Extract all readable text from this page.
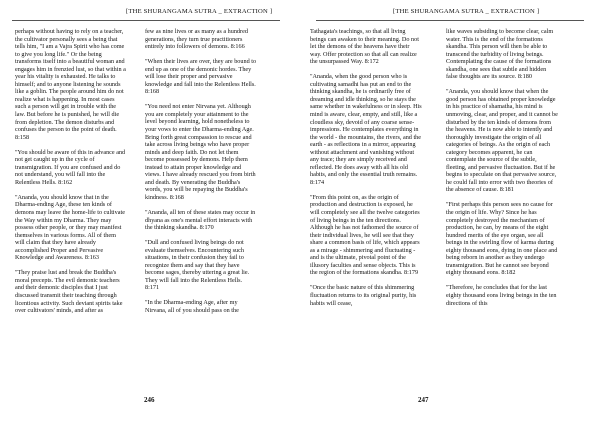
[THE SHURANGAMA SUTRA _ EXTRACTION ]

perhaps without having to rely on a teacher, the cultivator personally sees a being that tells him, "I am a Vajra Spirit who has come to give you long life." Or the being transforms itself into a beautiful woman and engages him in frenzied lust, so that within a year his vitality is exhausted. He talks to himself; and to anyone listening he sounds like a goblin. The people around him do not realize what is happening. In most cases such a person will get in trouble with the law. But before he is punished, he will die from depletion. The demon disturbs and confuses the person to the point of death. 8:158

"You should be aware of this in advance and not get caught up in the cycle of transmigration. If you are confused and do not understand, you will fall into the Relentless Hells. 8:162

"Ananda, you should know that in the Dharma-ending Age, these ten kinds of demons may leave the home-life to cultivate the Way within my Dharma. They may possess other people, or they may manifest themselves in various forms. All of them will claim that they have already accomplished Proper and Pervasive Knowledge and Awareness. 8:163

"They praise lust and break the Buddha's moral precepts. The evil demonic teachers and their demonic disciples that I just discussed transmit their teaching through licentious activity. Such deviant spirits take over cultivators' minds, and after as

few as nine lives or as many as a hundred generations, they turn true practitioners entirely into followers of demons. 8:166

"When their lives are over, they are bound to end up as one of the demonic hordes. They will lose their proper and pervasive knowledge and fall into the Relentless Hells. 8:168

"You need not enter Nirvana yet. Although you are completely your attainment to the level beyond learning, hold nonetheless to your vows to enter the Dharma-ending Age. Bring forth great compassion to rescue and take across living beings who have proper minds and deep faith. Do not let them become possessed by demons. Help them instead to attain proper knowledge and views. I have already rescued you from birth and death. By venerating the Buddha's words, you will be repaying the Buddha's kindness. 8:168

"Ananda, all ten of these states may occur in dhyana as one's mental effort interacts with the thinking skandha. 8:170

"Dull and confused living beings do not evaluate themselves. Encountering such situations, in their confusion they fail to recognize them and say that they have become sages, thereby uttering a great lie. They will fall into the Relentless Hells. 8:171

"In the Dharma-ending Age, after my Nirvana, all of you should pass on the

246
[THE SHURANGAMA SUTRA _ EXTRACTION ]

Tathagata's teachings, so that all living beings can awaken to their meaning. Do not let the demons of the heavens have their way. Offer protection so that all can realize the unsurpassed Way. 8:172

"Ananda, when the good person who is cultivating samadhi has put an end to the thinking skandha, he is ordinarily free of dreaming and idle thinking, so he stays the same whether in wakefulness or in sleep. His mind is aware, clear, empty, and still, like a cloudless sky, devoid of any coarse sense-impressions. He contemplates everything in the world - the mountains, the rivers, and the earth - as reflections in a mirror, appearing without attachment and vanishing without any trace; they are simply received and reflected. He does away with all his old habits, and only the essential truth remains. 8:174

"From this point on, as the origin of production and destruction is exposed, he will completely see all the twelve categories of living beings in the ten directions. Although he has not fathomed the source of their individual lives, he will see that they share a common basis of life, which appears as a mirage - shimmering and fluctuating - and is the ultimate, pivotal point of the illusory faculties and sense objects. This is the region of the formations skandha. 8:179

"Once the basic nature of this shimmering fluctuation returns to its original purity, his habits will cease,

like waves subsiding to become clear, calm water. This is the end of the formations skandha. This person will then be able to transcend the turbidity of living beings. Contemplating the cause of the formations skandha, one sees that subtle and hidden false thoughts are its source. 8:180

"Ananda, you should know that when the good person has obtained proper knowledge in his practice of shamatha, his mind is unmoving, clear, and proper, and it cannot be disturbed by the ten kinds of demons from the heavens. He is now able to intently and thoroughly investigate the origin of all categories of beings. As the origin of each category becomes apparent, he can contemplate the source of the subtle, fleeting, and pervasive fluctuation. But if he begins to speculate on that pervasive source, he could fall into error with two theories of the absence of cause. 8:181

"First perhaps this person sees no cause for the origin of life. Why? Since he has completely destroyed the mechanism of production, he can, by means of the eight hundred merits of the eye organ, see all beings in the swirling flow of karma during eighty thousand eons, dying in one place and being reborn in another as they undergo transmigration. But he cannot see beyond eighty thousand eons. 8:182

"Therefore, he concludes that for the last eighty thousand eons living beings in the ten directions of this

247
